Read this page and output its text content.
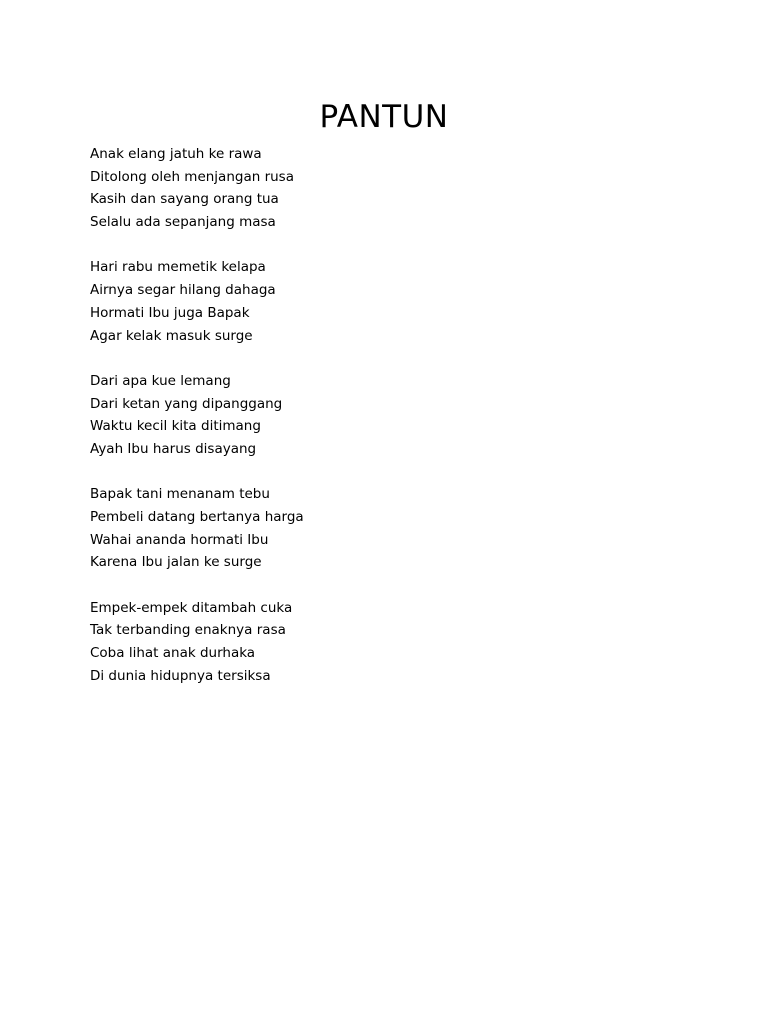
PANTUN
Anak elang jatuh ke rawa
Ditolong oleh menjangan rusa
Kasih dan sayang orang tua
Selalu ada sepanjang masa
Hari rabu memetik kelapa
Airnya segar hilang dahaga
Hormati Ibu juga Bapak
Agar kelak masuk surge
Dari apa kue lemang
Dari ketan yang dipanggang
Waktu kecil kita ditimang
Ayah Ibu harus disayang
Bapak tani menanam tebu
Pembeli datang bertanya harga
Wahai ananda hormati Ibu
Karena Ibu jalan ke surge
Empek-empek ditambah cuka
Tak terbanding enaknya rasa
Coba lihat anak durhaka
Di dunia hidupnya tersiksa
